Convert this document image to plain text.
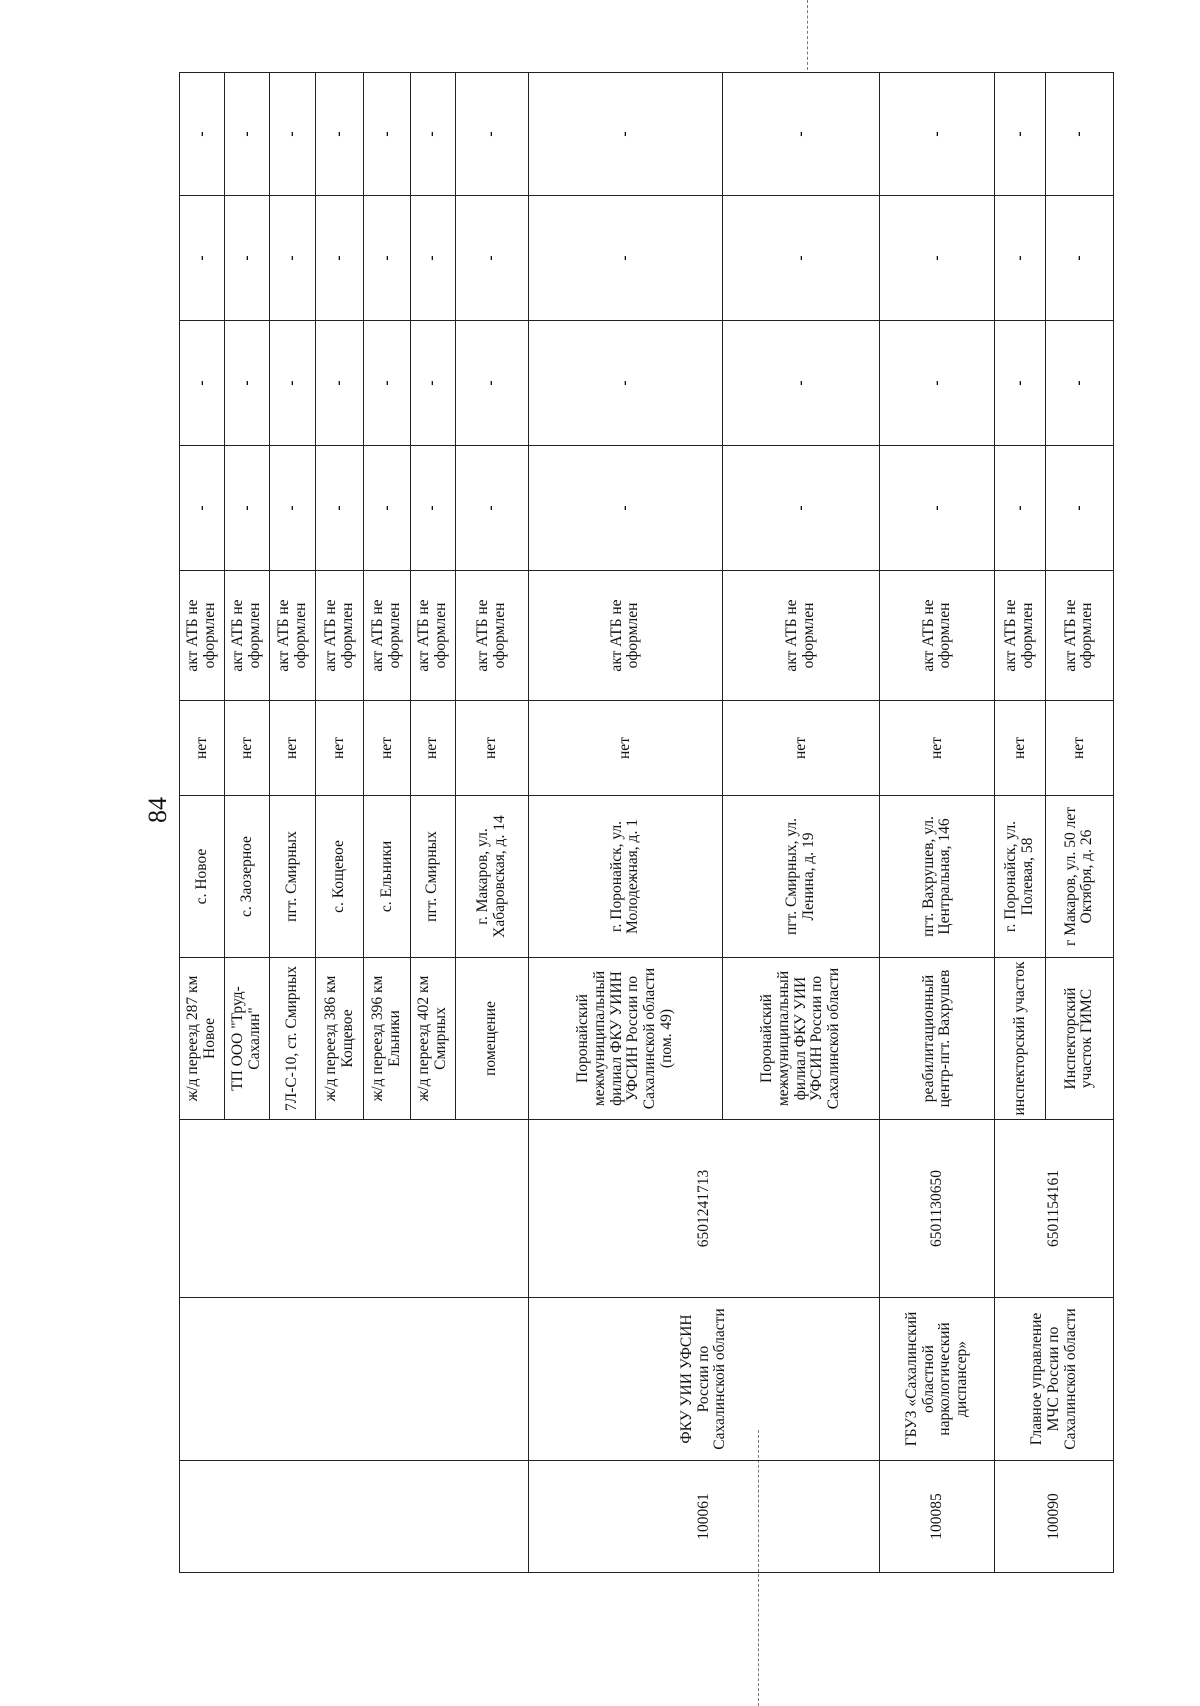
84
			ж/д переезд 287 км Новое	с. Новое	нет	акт АТБ не оформлен	-	-	-	-
			ТП ООО "Труд-Сахалин"	с. Заозерное	нет	акт АТБ не оформлен	-	-	-	-
			7Л-С-10, ст. Смирных	пгт. Смирных	нет	акт АТБ не оформлен	-	-	-	-
			ж/д переезд 386 км Кощевое	с. Кощевое	нет	акт АТБ не оформлен	-	-	-	-
			ж/д переезд 396 км Ельники	с. Ельники	нет	акт АТБ не оформлен	-	-	-	-
			ж/д переезд 402 км Смирных	пгт. Смирных	нет	акт АТБ не оформлен	-	-	-	-
			помещение	г. Макаров, ул. Хабаровская, д. 14	нет	акт АТБ не оформлен	-	-	-	-
100061	ФКУ УИИ УФСИН России по Сахалинской области	6501241713	Поронайский межмуниципальный филиал ФКУ УИИН УФСИН России по Сахалинской области (пом. 49)	г. Поронайск, ул. Молодежная, д. 1	нет	акт АТБ не оформлен	-	-	-	-
			Поронайский межмуниципальный филиал ФКУ УИИ УФСИН России по Сахалинской области	пгт. Смирных, ул. Ленина, д. 19	нет	акт АТБ не оформлен	-	-	-	-
100085	ГБУЗ «Сахалинский областной наркологический диспансер»	6501130650	реабилитационный центр-пгт. Вахрушев	пгт. Вахрушев, ул. Центральная, 146	нет	акт АТБ не оформлен	-	-	-	-
100090	Главное управление МЧС России по Сахалинской области	6501154161	инспекторский участок	г. Поронайск, ул. Полевая, 58	нет	акт АТБ не оформлен	-	-	-	-
			Инспекторский участок ГИМС	г Макаров, ул. 50 лет Октября, д. 26	нет	акт АТБ не оформлен	-	-	-	-
